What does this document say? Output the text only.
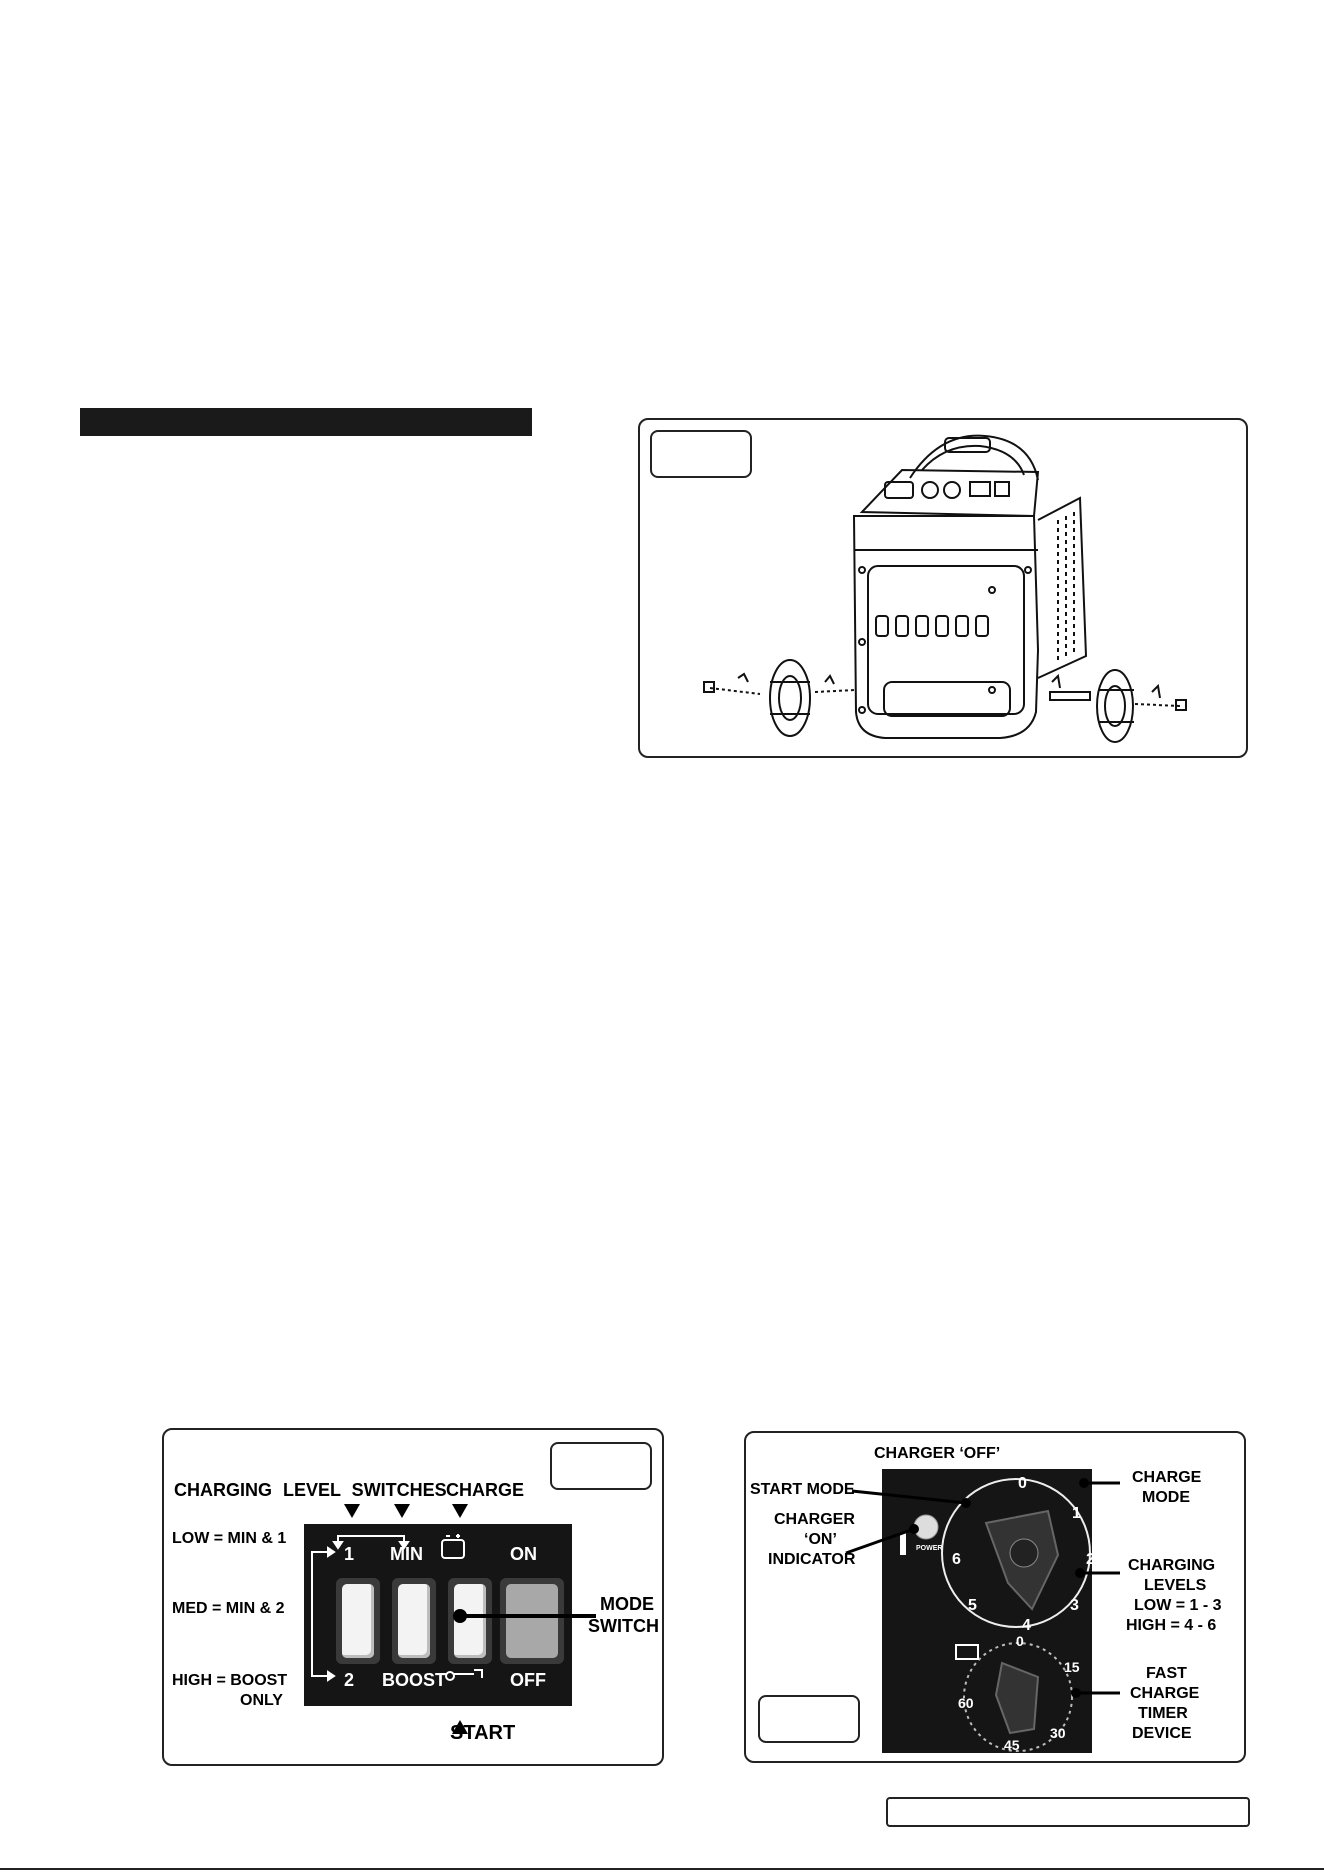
CHARGING LEVEL SWITCHES CHARGE
LOW = MIN & 1
MED = MIN & 2
HIGH = BOOST
ONLY
1 MIN	ON
2 BOOST	OFF
MODE
SWITCH
START
0
1
2
3
4
5
6
POWER
0
15
30
45
60
CHARGER ‘OFF’
START MODE
CHARGER
‘ON’
INDICATOR
CHARGE
MODE
CHARGING
LEVELS
LOW = 1 - 3
HIGH = 4 - 6
FAST
CHARGE
TIMER
DEVICE
